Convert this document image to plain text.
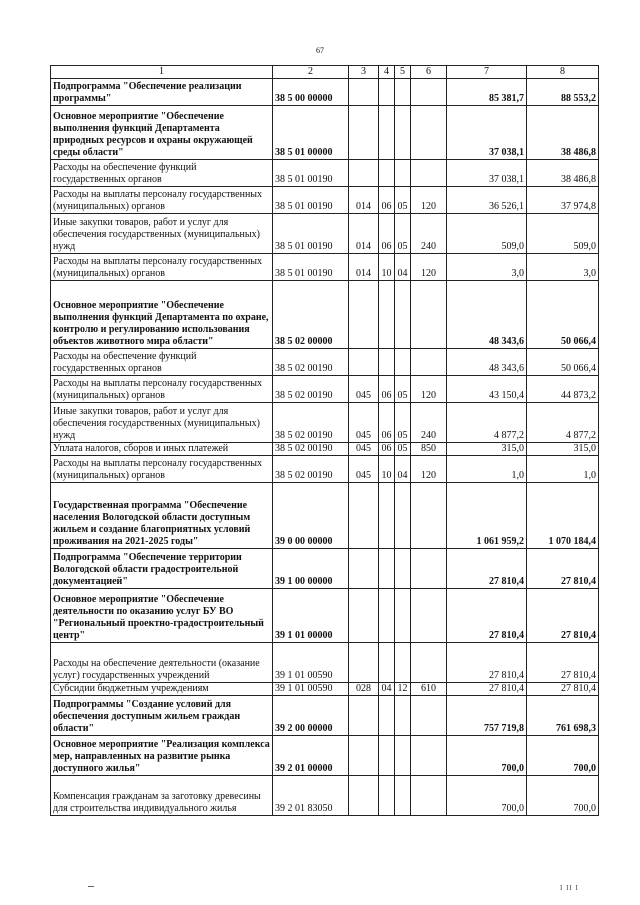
67
1	2	3	4	5	6	7	8
Подпрограмма "Обеспечение реализации программы"	38 5 00 00000					85 381,7	88 553,2
Основное мероприятие "Обеспечение выполнения функций Департамента природных ресурсов и охраны окружающей среды области"	38 5 01 00000					37 038,1	38 486,8
Расходы на обеспечение функций государственных органов	38 5 01 00190					37 038,1	38 486,8
Расходы на выплаты персоналу государственных (муниципальных) органов	38 5 01 00190	014	06	05	120	36 526,1	37 974,8
Иные закупки товаров, работ и услуг для обеспечения государственных (муниципальных) нужд	38 5 01 00190	014	06	05	240	509,0	509,0
Расходы на выплаты персоналу государственных (муниципальных) органов	38 5 01 00190	014	10	04	120	3,0	3,0
Основное мероприятие "Обеспечение выполнения функций Департамента по охране, контролю и регулированию использования объектов животного мира области"	38 5 02 00000					48 343,6	50 066,4
Расходы на обеспечение функций государственных органов	38 5 02 00190					48 343,6	50 066,4
Расходы на выплаты персоналу государственных (муниципальных) органов	38 5 02 00190	045	06	05	120	43 150,4	44 873,2
Иные закупки товаров, работ и услуг для обеспечения государственных (муниципальных) нужд	38 5 02 00190	045	06	05	240	4 877,2	4 877,2
Уплата налогов, сборов и иных платежей	38 5 02 00190	045	06	05	850	315,0	315,0
Расходы на выплаты персоналу государственных (муниципальных) органов	38 5 02 00190	045	10	04	120	1,0	1,0
Государственная программа "Обеспечение населения Вологодской области доступным жильем и создание благоприятных условий проживания на 2021-2025 годы"	39 0 00 00000					1 061 959,2	1 070 184,4
Подпрограмма "Обеспечение территории Вологодской области градостроительной документацией"	39 1 00 00000					27 810,4	27 810,4
Основное мероприятие "Обеспечение деятельности по оказанию услуг БУ ВО "Региональный проектно-градостроительный центр"	39 1 01 00000					27 810,4	27 810,4
Расходы на обеспечение деятельности (оказание услуг) государственных учреждений	39 1 01 00590					27 810,4	27 810,4
Субсидии бюджетным учреждениям	39 1 01 00590	028	04	12	610	27 810,4	27 810,4
Подпрограммы "Создание условий для обеспечения доступным жильем граждан области"	39 2 00 00000					757 719,8	761 698,3
Основное мероприятие "Реализация комплекса мер, направленных на развитие рынка доступного жилья"	39 2 01 00000					700,0	700,0
Компенсация гражданам за заготовку древесины для строительства индивидуального жилья	39 2 01 83050					700,0	700,0
I II I
